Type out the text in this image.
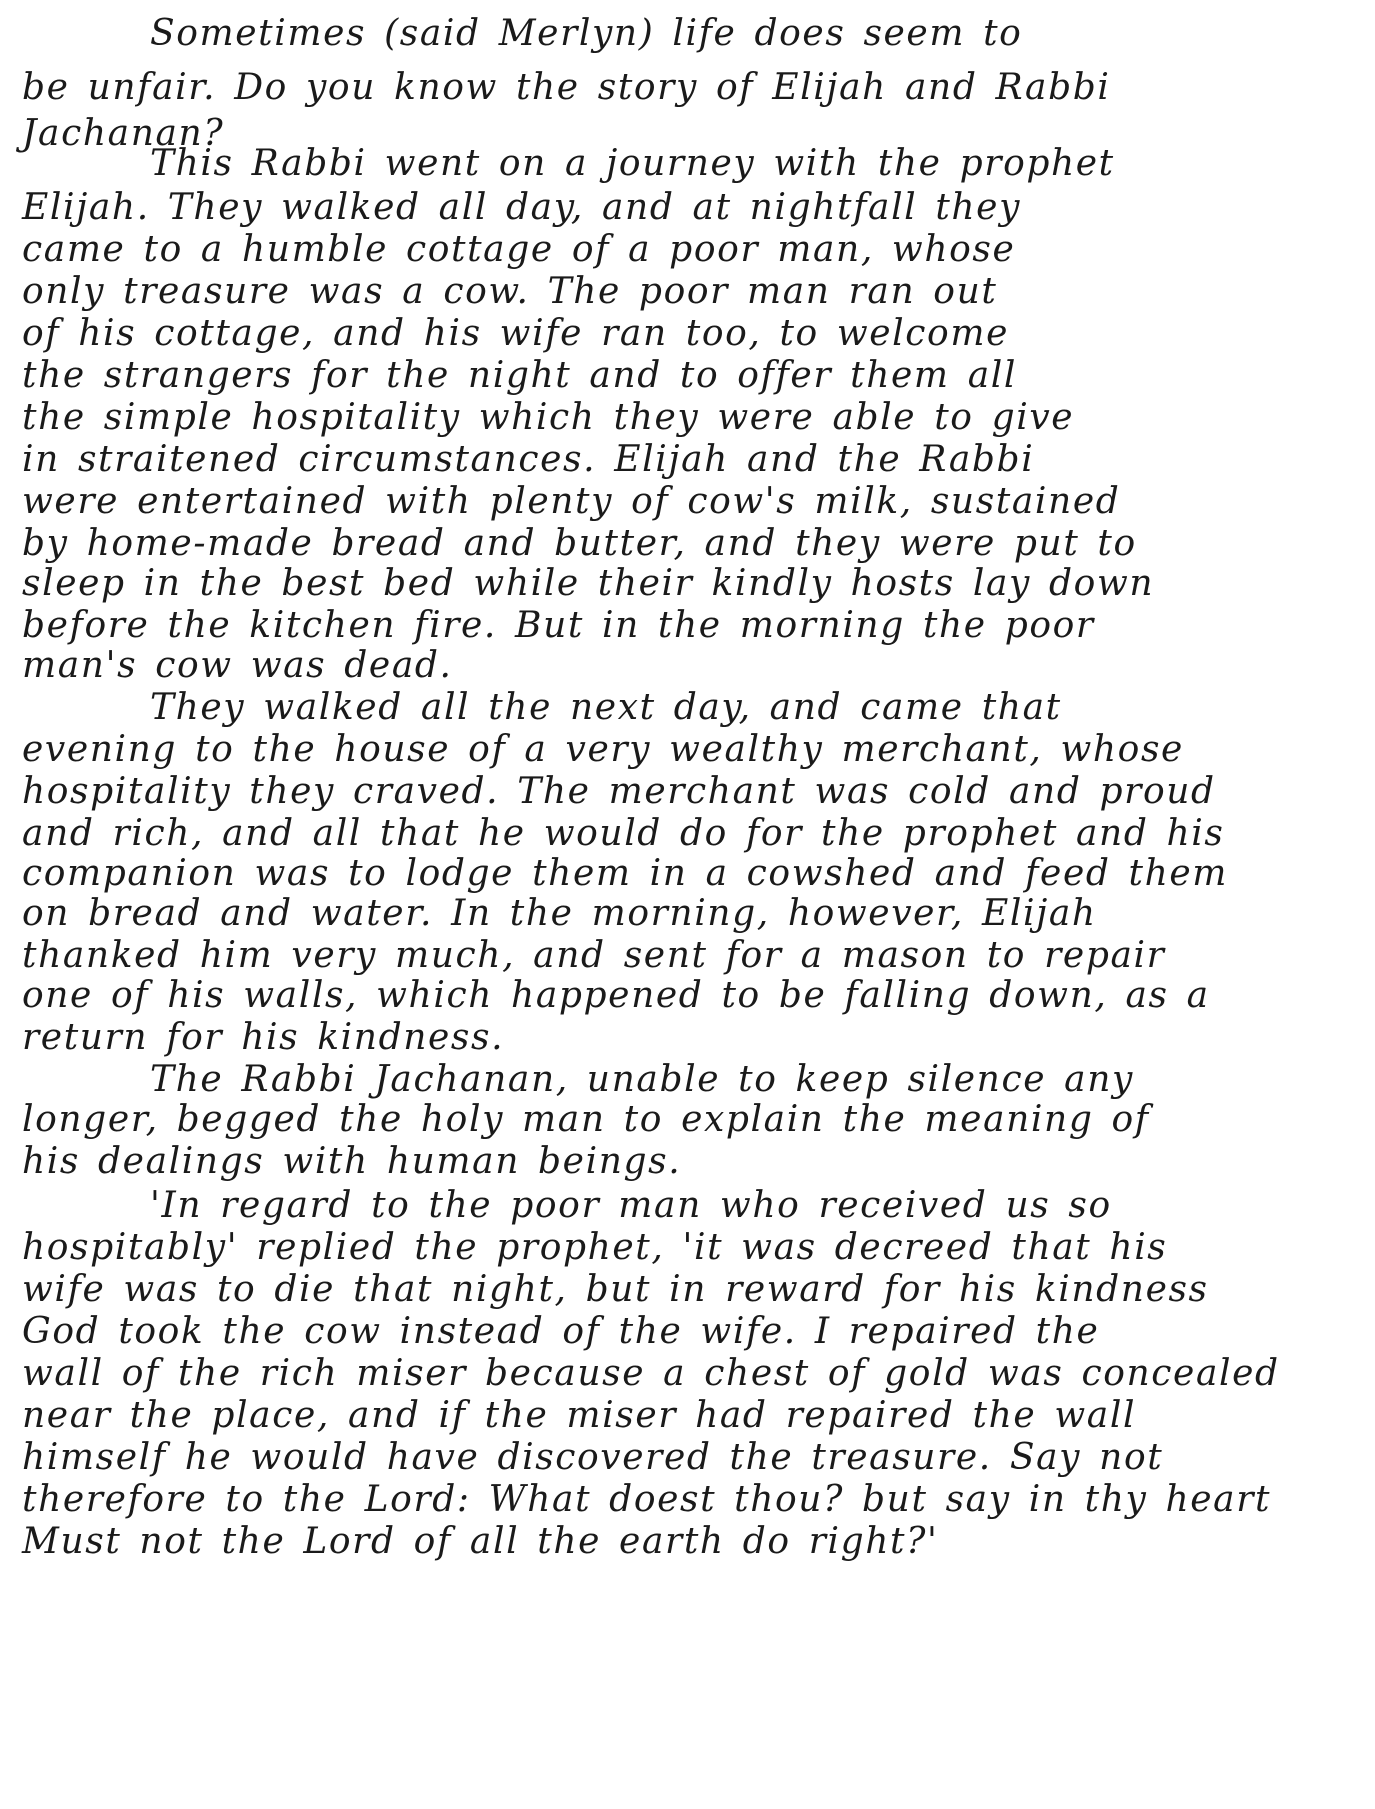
Sometimes (said Merlyn) life does seem to
be unfair. Do you know the story of Elijah and Rabbi
Jachanan?
This Rabbi went on a journey with the prophet
Elijah. They walked all day, and at nightfall they
came to a humble cottage of a poor man, whose
only treasure was a cow. The poor man ran out
of his cottage, and his wife ran too, to welcome
the strangers for the night and to offer them all
the simple hospitality which they were able to give
in straitened circumstances. Elijah and the Rabbi
were entertained with plenty of cow's milk, sustained
by home-made bread and butter, and they were put to
sleep in the best bed while their kindly hosts lay down
before the kitchen fire. But in the morning the poor
man's cow was dead.
They walked all the next day, and came that
evening to the house of a very wealthy merchant, whose
hospitality they craved. The merchant was cold and proud
and rich, and all that he would do for the prophet and his
companion was to lodge them in a cowshed and feed them
on bread and water. In the morning, however, Elijah
thanked him very much, and sent for a mason to repair
one of his walls, which happened to be falling down, as a
return for his kindness.
The Rabbi Jachanan, unable to keep silence any
longer, begged the holy man to explain the meaning of
his dealings with human beings.
'In regard to the poor man who received us so
hospitably' replied the prophet, 'it was decreed that his
wife was to die that night, but in reward for his kindness
God took the cow instead of the wife. I repaired the
wall of the rich miser because a chest of gold was concealed
near the place, and if the miser had repaired the wall
himself he would have discovered the treasure. Say not
therefore to the Lord: What doest thou? but say in thy heart
Must not the Lord of all the earth do right?'
